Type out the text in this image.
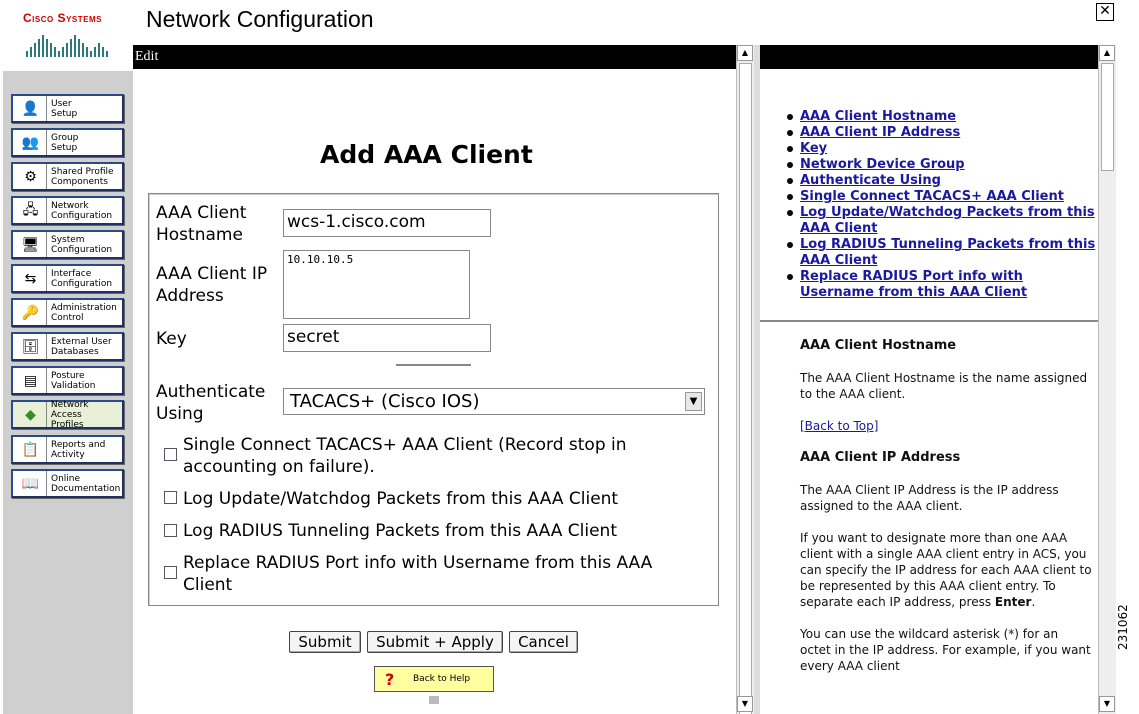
Cisco Systems Network Configuration	✕
👤	User
Setup
👥	Group
Setup
⚙	Shared Profile
Components
🖧	Network
Configuration
🖥	System
Configuration
⇆	Interface
Configuration
🔑	Administration
Control
🗄	External User
Databases
▤	Posture
Validation
◆
Network Access
Profiles
📋	Reports and
Activity
📖	Online
Documentation
Edit
Add AAA Client
AAA Client Hostname
wcs-1.cisco.com
AAA Client IP Address
10.10.10.5
Key	secret
Authenticate Using
TACACS+ (Cisco IOS)	▼
Single Connect TACACS+ AAA Client (Record stop in accounting on failure).
Log Update/Watchdog Packets from this AAA Client
Log RADIUS Tunneling Packets from this AAA Client
Replace RADIUS Port info with Username from this AAA Client
Submit	Submit + Apply	Cancel
?	Back to Help
▲
▼
AAA Client Hostname
AAA Client IP Address
Key
Network Device Group
Authenticate Using
Single Connect TACACS+ AAA Client
Log Update/Watchdog Packets from this AAA Client
Log RADIUS Tunneling Packets from this AAA Client
Replace RADIUS Port info with Username from this AAA Client
AAA Client Hostname

The AAA Client Hostname is the name assigned to the AAA client.

[Back to Top]

AAA Client IP Address

The AAA Client IP Address is the IP address assigned to the AAA client.

If you want to designate more than one AAA client with a single AAA client entry in ACS, you can specify the IP address for each AAA client to be represented by this AAA client entry. To separate each IP address, press Enter.

You can use the wildcard asterisk (*) for an octet in the IP address. For example, if you want every AAA client

▲
▼
231062
